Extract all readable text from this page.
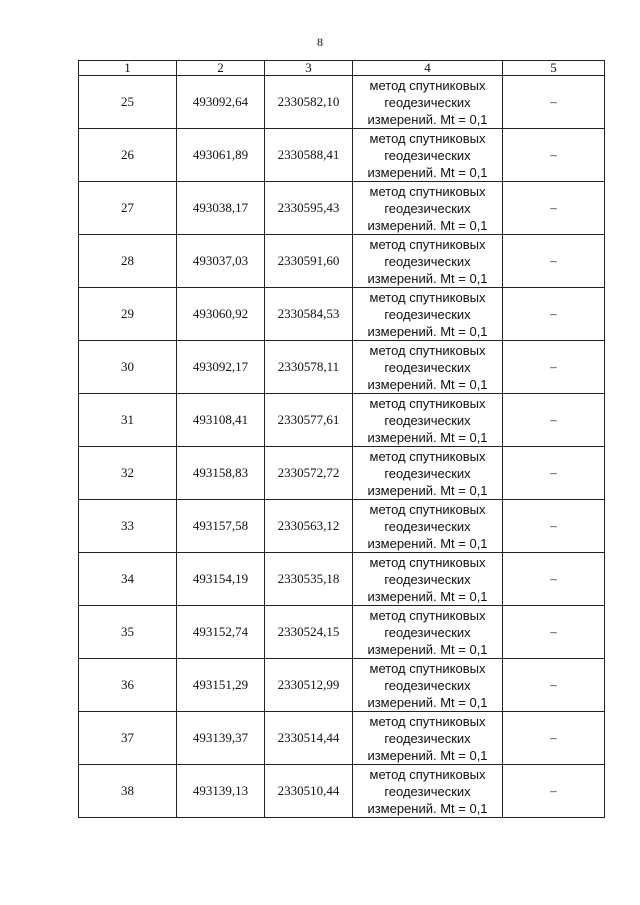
8
1	2	3	4	5
25	493092,64	2330582,10	метод спутниковых
геодезических
измерений. Mt = 0,1	–
26	493061,89	2330588,41	метод спутниковых
геодезических
измерений. Mt = 0,1	–
27	493038,17	2330595,43	метод спутниковых
геодезических
измерений. Mt = 0,1	–
28	493037,03	2330591,60	метод спутниковых
геодезических
измерений. Mt = 0,1	–
29	493060,92	2330584,53	метод спутниковых
геодезических
измерений. Mt = 0,1	–
30	493092,17	2330578,11	метод спутниковых
геодезических
измерений. Mt = 0,1	–
31	493108,41	2330577,61	метод спутниковых
геодезических
измерений. Mt = 0,1	–
32	493158,83	2330572,72	метод спутниковых
геодезических
измерений. Mt = 0,1	–
33	493157,58	2330563,12	метод спутниковых
геодезических
измерений. Mt = 0,1	–
34	493154,19	2330535,18	метод спутниковых
геодезических
измерений. Mt = 0,1	–
35	493152,74	2330524,15	метод спутниковых
геодезических
измерений. Mt = 0,1	–
36	493151,29	2330512,99	метод спутниковых
геодезических
измерений. Mt = 0,1	–
37	493139,37	2330514,44	метод спутниковых
геодезических
измерений. Mt = 0,1	–
38	493139,13	2330510,44	метод спутниковых
геодезических
измерений. Mt = 0,1	–
